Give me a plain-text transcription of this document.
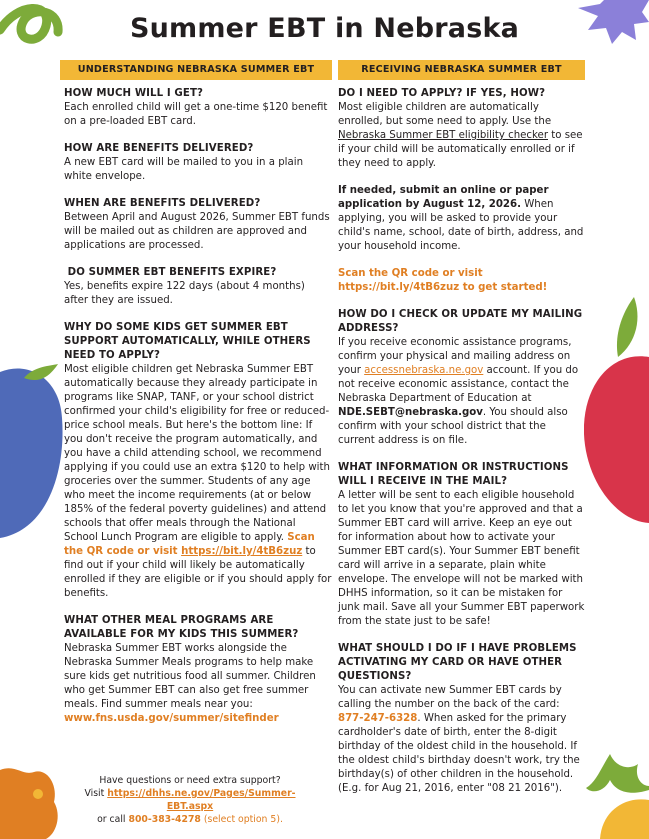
Summer EBT in Nebraska
UNDERSTANDING NEBRASKA SUMMER EBT
HOW MUCH WILL I GET?
Each enrolled child will get a one-time $120 benefit on a pre-loaded EBT card.
HOW ARE BENEFITS DELIVERED?
A new EBT card will be mailed to you in a plain white envelope.
WHEN ARE BENEFITS DELIVERED?
Between April and August 2026, Summer EBT funds will be mailed out as children are approved and applications are processed.
DO SUMMER EBT BENEFITS EXPIRE?
Yes, benefits expire 122 days (about 4 months) after they are issued.
WHY DO SOME KIDS GET SUMMER EBT SUPPORT AUTOMATICALLY, WHILE OTHERS NEED TO APPLY?
Most eligible children get Nebraska Summer EBT automatically because they already participate in programs like SNAP, TANF, or your school district confirmed your child's eligibility for free or reduced-price school meals. But here's the bottom line: If you don't receive the program automatically, and you have a child attending school, we recommend applying if you could use an extra $120 to help with groceries over the summer. Students of any age who meet the income requirements (at or below 185% of the federal poverty guidelines) and attend schools that offer meals through the National School Lunch Program are eligible to apply. Scan the QR code or visit https://bit.ly/4tB6zuz to find out if your child will likely be automatically enrolled if they are eligible or if you should apply for benefits.
WHAT OTHER MEAL PROGRAMS ARE AVAILABLE FOR MY KIDS THIS SUMMER?
Nebraska Summer EBT works alongside the Nebraska Summer Meals programs to help make sure kids get nutritious food all summer. Children who get Summer EBT can also get free summer meals. Find summer meals near you: www.fns.usda.gov/summer/sitefinder
Have questions or need extra support?
Visit https://dhhs.ne.gov/Pages/Summer-EBT.aspx
or call 800-383-4278 (select option 5).
RECEIVING NEBRASKA SUMMER EBT
DO I NEED TO APPLY? IF YES, HOW?
Most eligible children are automatically enrolled, but some need to apply. Use the Nebraska Summer EBT eligibility checker to see if your child will be automatically enrolled or if they need to apply.
If needed, submit an online or paper application by August 12, 2026. When applying, you will be asked to provide your child's name, school, date of birth, address, and your household income.
Scan the QR code or visit https://bit.ly/4tB6zuz to get started!
HOW DO I CHECK OR UPDATE MY MAILING ADDRESS?
If you receive economic assistance programs, confirm your physical and mailing address on your accessnebraska.ne.gov account. If you do not receive economic assistance, contact the Nebraska Department of Education at NDE.SEBT@nebraska.gov. You should also confirm with your school district that the current address is on file.
WHAT INFORMATION OR INSTRUCTIONS WILL I RECEIVE IN THE MAIL?
A letter will be sent to each eligible household to let you know that you're approved and that a Summer EBT card will arrive. Keep an eye out for information about how to activate your Summer EBT card(s). Your Summer EBT benefit card will arrive in a separate, plain white envelope. The envelope will not be marked with DHHS information, so it can be mistaken for junk mail. Save all your Summer EBT paperwork from the state just to be safe!
WHAT SHOULD I DO IF I HAVE PROBLEMS ACTIVATING MY CARD OR HAVE OTHER QUESTIONS?
You can activate new Summer EBT cards by calling the number on the back of the card: 877-247-6328. When asked for the primary cardholder's date of birth, enter the 8-digit birthday of the oldest child in the household. If the oldest child's birthday doesn't work, try the birthday(s) of other children in the household. (E.g. for Aug 21, 2016, enter "08 21 2016").
